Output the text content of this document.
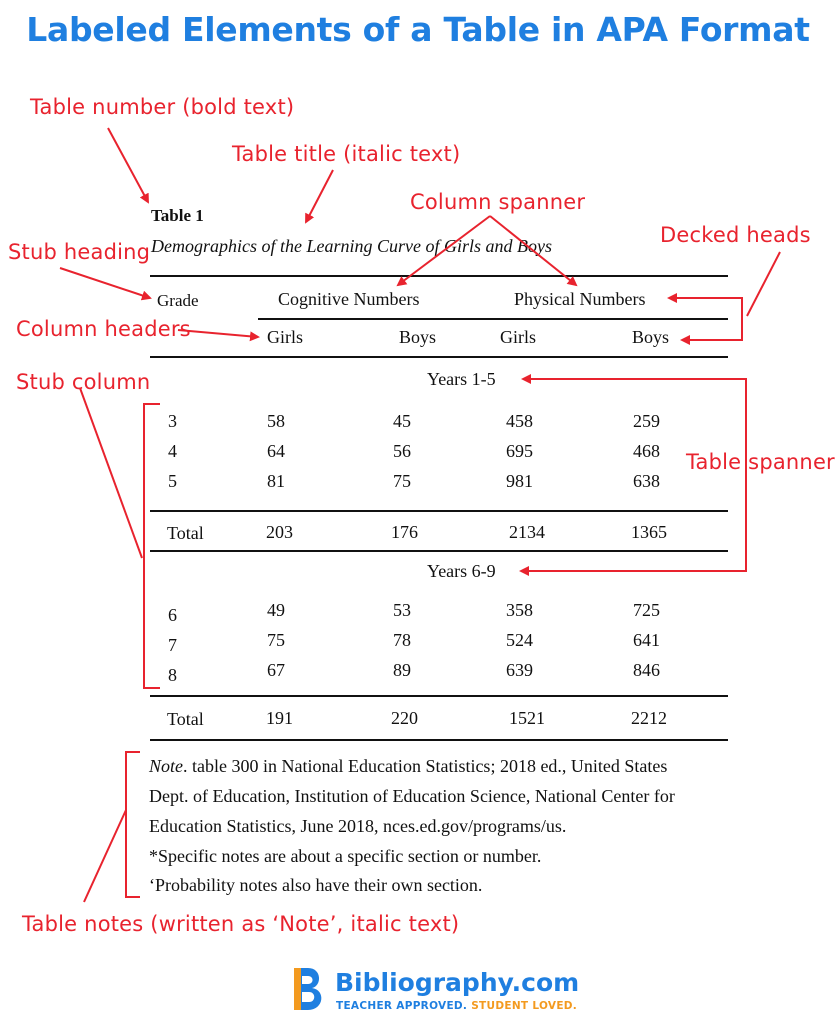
Labeled Elements of a Table in APA Format
Table number (bold text)
Table title (italic text)
Column spanner
Decked heads
Stub heading
Column headers
Stub column
Table spanner
Table notes (written as ‘Note’, italic text)
Table 1
Demographics of the Learning Curve of Girls and Boys
Grade	Cognitive Numbers	Physical Numbers
Girls	Boys	Girls	Boys
Years 1-5
3	58	45	458	259
4	64	56	695	468
5	81	75	981	638
Total	203	176	2134	1365
Years 6-9
6	49	53	358	725
7	75	78	524	641
8	67	89	639	846
Total	191	220	1521	2212
Note. table 300 in National Education Statistics; 2018 ed., United States
Dept. of Education, Institution of Education Science, National Center for
Education Statistics, June 2018, nces.ed.gov/programs/us.
*Specific notes are about a specific section or number.
‘Probability notes also have their own section.
Bibliography.com
TEACHER APPROVED. STUDENT LOVED.
